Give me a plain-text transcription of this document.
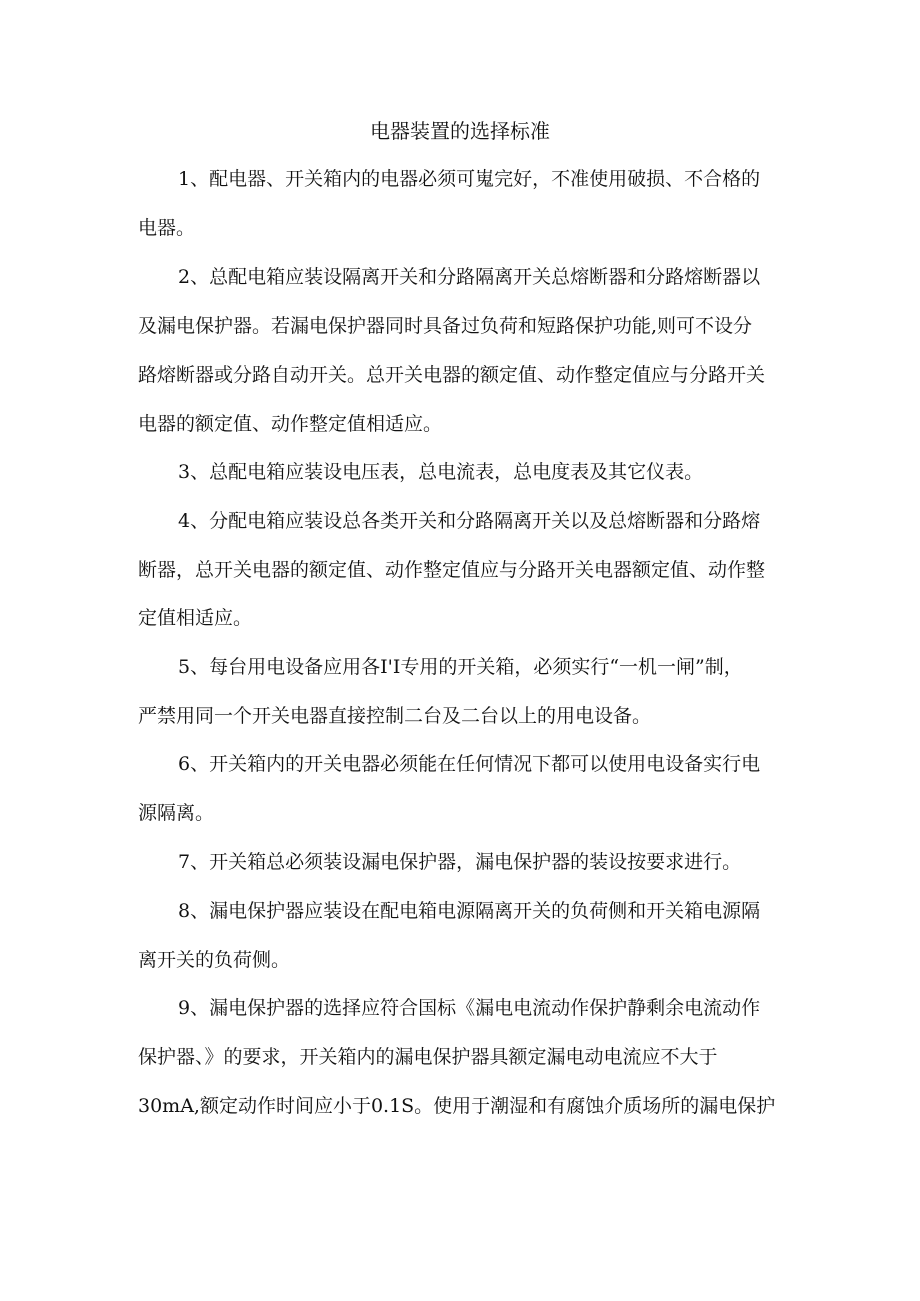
电器装置的选择标准

1、配电器、开关箱内的电器必须可嵬完好，不准使用破损、不合格的

电器。

2、总配电箱应装设隔离开关和分路隔离开关总熔断器和分路熔断器以

及漏电保护器。若漏电保护器同时具备过负荷和短路保护功能,则可不设分

路熔断器或分路自动开关。总开关电器的额定值、动作整定值应与分路开关

电器的额定值、动作整定值相适应。

3、总配电箱应装设电压表，总电流表，总电度表及其它仪表。

4、分配电箱应装设总各类开关和分路隔离开关以及总熔断器和分路熔

断器，总开关电器的额定值、动作整定值应与分路开关电器额定值、动作整

定值相适应。

5、每台用电设备应用各I'I专用的开关箱，必须实行“一机一闸”制，

严禁用同一个开关电器直接控制二台及二台以上的用电设备。

6、开关箱内的开关电器必须能在任何情况下都可以使用电设备实行电

源隔离。

7、开关箱总必须装设漏电保护器，漏电保护器的装设按要求进行。

8、漏电保护器应装设在配电箱电源隔离开关的负荷侧和开关箱电源隔

离开关的负荷侧。

9、漏电保护器的选择应符合国标《漏电电流动作保护静剩余电流动作

保护器、》的要求，开关箱内的漏电保护器具额定漏电动电流应不大于

30mA,额定动作时间应小于0.1S。使用于潮湿和有腐蚀介质场所的漏电保护
